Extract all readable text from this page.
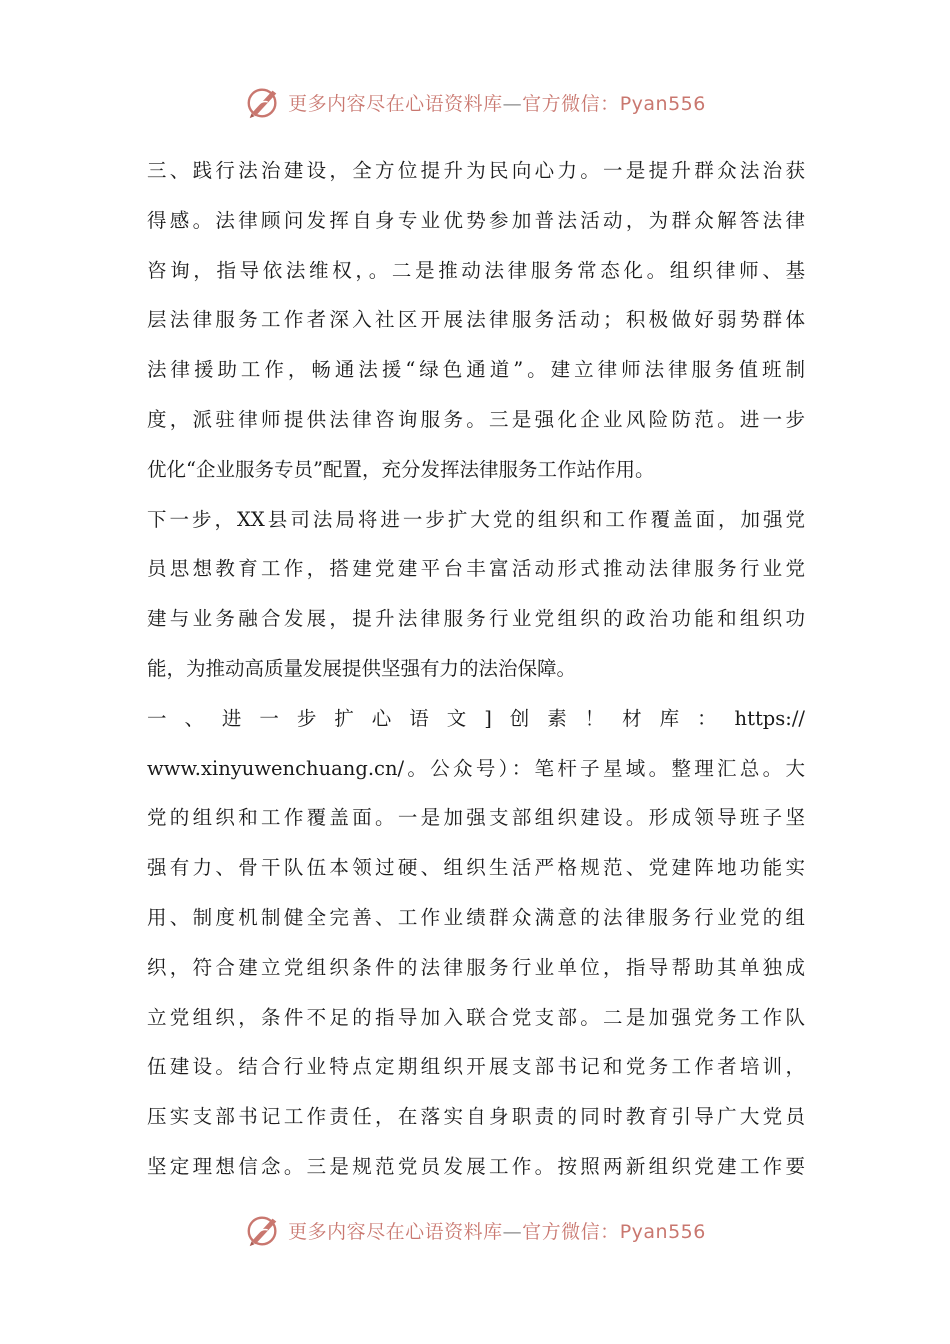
更多内容尽在心语资料库—官方微信：Pyan556
三、践行法治建设，全方位提升为民向心力。一是提升群众法治获
得感。法律顾问发挥自身专业优势参加普法活动，为群众解答法律
咨询，指导依法维权，。二是推动法律服务常态化。组织律师、基
层法律服务工作者深入社区开展法律服务活动；积极做好弱势群体
法律援助工作，畅通法援“绿色通道”。建立律师法律服务值班制
度，派驻律师提供法律咨询服务。三是强化企业风险防范。进一步
优化“企业服务专员”配置，充分发挥法律服务工作站作用。
下一步，XX县司法局将进一步扩大党的组织和工作覆盖面，加强党
员思想教育工作，搭建党建平台丰富活动形式推动法律服务行业党
建与业务融合发展，提升法律服务行业党组织的政治功能和组织功
能，为推动高质量发展提供坚强有力的法治保障。
一、进一步扩心语文]创素！材库：https://
www.xinyuwenchuang.cn/。公众号）：笔杆子星域。整理汇总。大
党的组织和工作覆盖面。一是加强支部组织建设。形成领导班子坚
强有力、骨干队伍本领过硬、组织生活严格规范、党建阵地功能实
用、制度机制健全完善、工作业绩群众满意的法律服务行业党的组
织，符合建立党组织条件的法律服务行业单位，指导帮助其单独成
立党组织，条件不足的指导加入联合党支部。二是加强党务工作队
伍建设。结合行业特点定期组织开展支部书记和党务工作者培训，
压实支部书记工作责任，在落实自身职责的同时教育引导广大党员
坚定理想信念。三是规范党员发展工作。按照两新组织党建工作要
更多内容尽在心语资料库—官方微信：Pyan556
